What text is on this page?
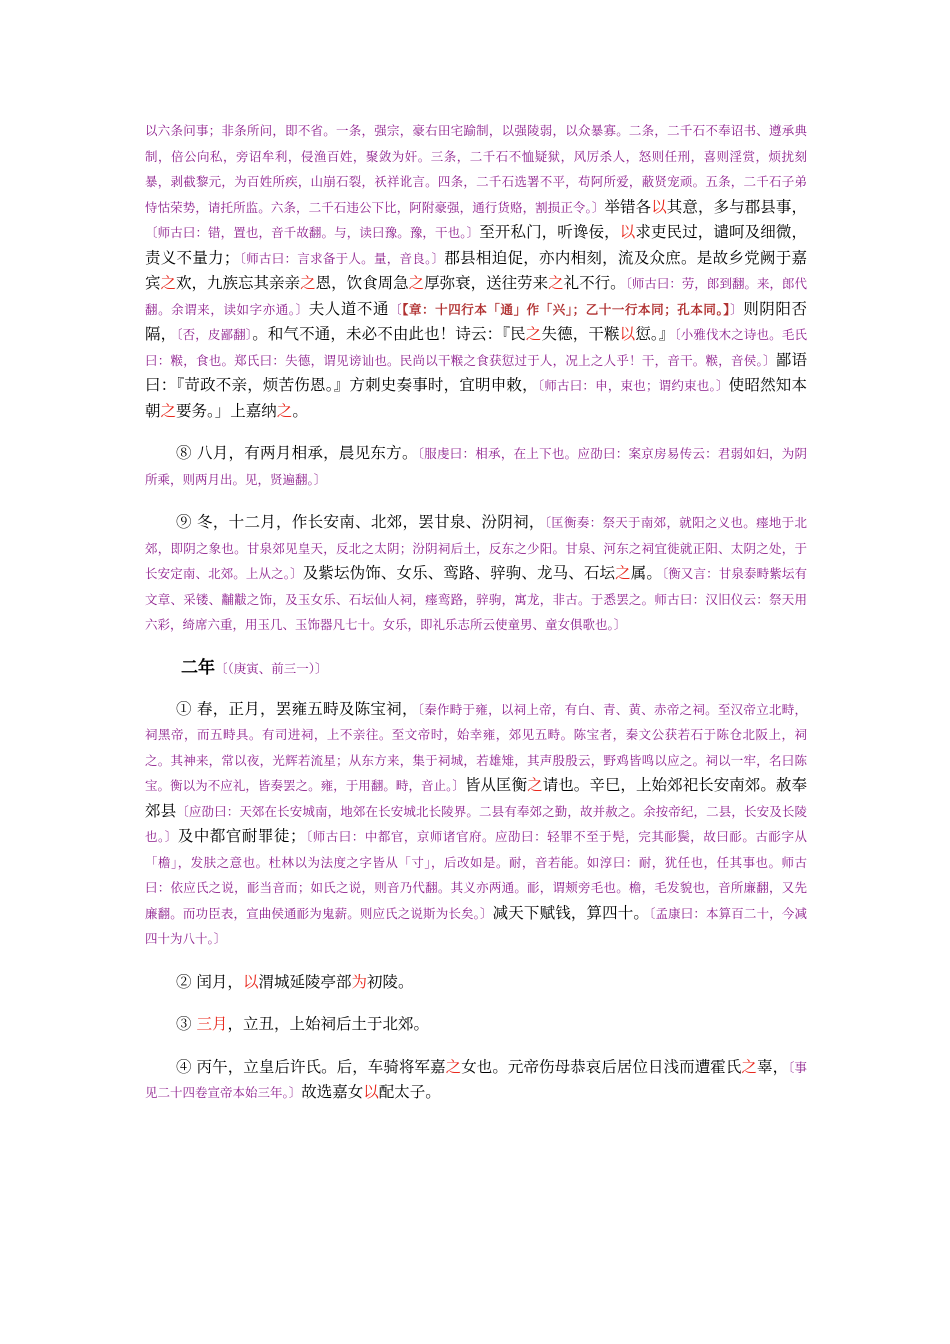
以六条问事；非条所问，即不省。一条，强宗，豪右田宅踰制，以强陵弱，以众暴寡。二条，二千石不奉诏书、遵承典制，倍公向私，旁诏牟利，侵渔百姓，聚敛为奸。三条，二千石不恤疑狱，风厉杀人，怒则任刑，喜则淫赏，烦扰刻暴，剥截黎元，为百姓所疾，山崩石裂，祅祥讹言。四条，二千石选署不平，苟阿所爱，蔽贤宠顽。五条，二千石子弟恃怙荣势，请托所监。六条，二千石违公下比，阿附豪强，通行货赂，割损正令。〕举错各以其意，多与郡县事，〔师古曰：错，置也，音千故翻。与，读曰豫。豫，干也。〕至开私门，听谗佞，以求吏民过，谴呵及细微，责义不量力；〔师古曰：言求备于人。量，音良。〕郡县相迫促，亦内相刻，流及众庶。是故乡党阙于嘉宾之欢，九族忘其亲亲之恩，饮食周急之厚弥衰，送往劳来之礼不行。〔师古曰：劳，郎到翻。来，郎代翻。余谓来，读如字亦通。〕夫人道不通〔【章：十四行本「通」作「兴」；乙十一行本同；孔本同。】〕则阴阳否隔，〔否，皮鄙翻〕。和气不通，未必不由此也！诗云：『民之失德，干糇以愆。』〔小雅伐木之诗也。毛氏曰：糇，食也。郑氏曰：失德，谓见谤讪也。民尚以干糇之食获愆过于人，况上之人乎！干，音干。糇，音侯。〕鄙语曰：『苛政不亲，烦苦伤恩。』方刺史奏事时，宜明申敕，〔师古曰：申，束也；谓约束也。〕使昭然知本朝之要务。」上嘉纳之。

⑧ 八月，有两月相承，晨见东方。〔服虔曰：相承，在上下也。应劭曰：案京房易传云：君弱如妇，为阴所乘，则两月出。见，贤遍翻。〕

⑨ 冬，十二月，作长安南、北郊，罢甘泉、汾阴祠，〔匡衡奏：祭天于南郊，就阳之义也。瘗地于北郊，即阴之象也。甘泉郊见皇天，反北之太阴；汾阴祠后土，反东之少阳。甘泉、河东之祠宜徙就正阳、太阴之处，于长安定南、北郊。上从之。〕及紫坛伪饰、女乐、鸾路、骍驹、龙马、石坛之属。〔衡又言：甘泉泰畤紫坛有文章、采镂、黼黻之饰，及玉女乐、石坛仙人祠，瘗鸾路，骍驹，寓龙，非古。于悉罢之。师古曰：汉旧仪云：祭天用六彩，绮席六重，用玉几、玉饰器凡七十。女乐，即礼乐志所云使童男、童女俱歌也。〕

二年〔（庚寅、前三一）〕

① 春，正月，罢雍五畤及陈宝祠，〔秦作畤于雍，以祠上帝，有白、青、黄、赤帝之祠。至汉帝立北畤，祠黑帝，而五畤具。有司进祠，上不亲往。至文帝时，始幸雍，郊见五畤。陈宝者，秦文公获若石于陈仓北阪上，祠之。其神来，常以夜，光辉若流星；从东方来，集于祠城，若雄雉，其声殷殷云，野鸡皆鸣以应之。祠以一牢，名曰陈宝。衡以为不应礼，皆奏罢之。雍，于用翻。畤，音止。〕皆从匡衡之请也。辛巳，上始郊祀长安南郊。赦奉郊县〔应劭曰：天郊在长安城南，地郊在长安城北长陵界。二县有奉郊之勤，故并赦之。余按帝纪，二县，长安及长陵也。〕及中都官耐罪徒；〔师古曰：中都官，京师诸官府。应劭曰：轻罪不至于髡，完其耏鬓，故曰耏。古耏字从「檐」，发肤之意也。杜林以为法度之字皆从「寸」，后改如是。耐，音若能。如淳曰：耐，犹任也，任其事也。师古曰：依应氏之说，耏当音而；如氏之说，则音乃代翻。其义亦两通。耏，谓颊旁毛也。檐，毛发貌也，音所廉翻，又先廉翻。而功臣表，宣曲侯通耏为鬼薪。则应氏之说斯为长矣。〕减天下赋钱，算四十。〔孟康曰：本算百二十，今减四十为八十。〕

② 闰月，以渭城延陵亭部为初陵。

③ 三月，立丑，上始祠后土于北郊。

④ 丙午，立皇后许氏。后，车骑将军嘉之女也。元帝伤母恭哀后居位日浅而遭霍氏之辜，〔事见二十四卷宣帝本始三年。〕故选嘉女以配太子。
